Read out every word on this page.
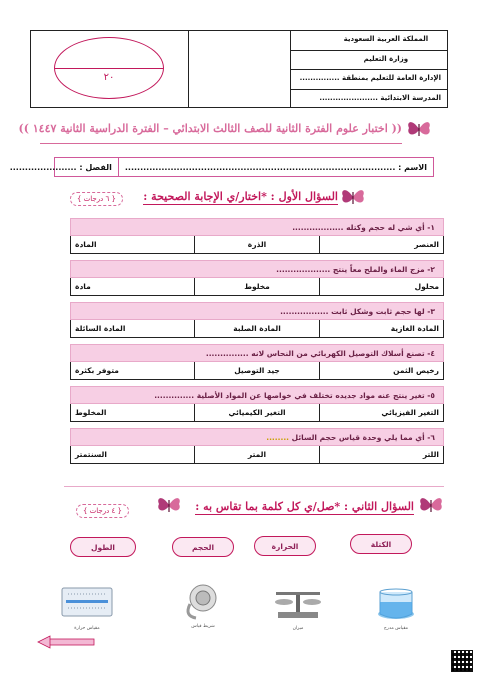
٢٠
المملكة العربية السعودية
وزارة التعليم
الإدارة العامة للتعليم بمنطقة ...............
المدرسة الابتدائية ......................
(( اختبار علوم الفترة الثانية للصف الثالث الابتدائي – الفترة الدراسية الثانية ١٤٤٧ ))
الاسم : .........................................................................................
الفصل : ......................
السؤال الأول : *اختار/ي الإجابة الصحيحة :
{ ٦ درجات }
١- أي شي له حجم وكتله ..................
العنصر
الذرة
المادة
٢- مزج الماء والملح معاً ينتج ...................
محلول
مخلوط
مادة
٣- لها حجم ثابت وشكل ثابت .................
المادة الغازية
المادة الصلبة
المادة السائلة
٤- تصنع أسلاك التوصيل الكهربائي من النحاس لانه ...............
رخيص الثمن
جيد التوصيل
متوفر بكثرة
٥- تغير ينتج عنه مواد جديده تختلف في خواصها عن المواد الأصلية ..............
التغير الفيزيائي
التغير الكيميائي
المخلوط
٦- أي مما يلي وحدة قياس حجم السائل ........
اللتر
المتر
السنتمتر
السؤال الثاني : *صل/ي كل كلمة بما تقاس به :
{ ٤ درجات }
الكتلة
الحرارة
الحجم
الطول
مقياس مدرج
ميزان
شريط قياس
مقياس حرارة
